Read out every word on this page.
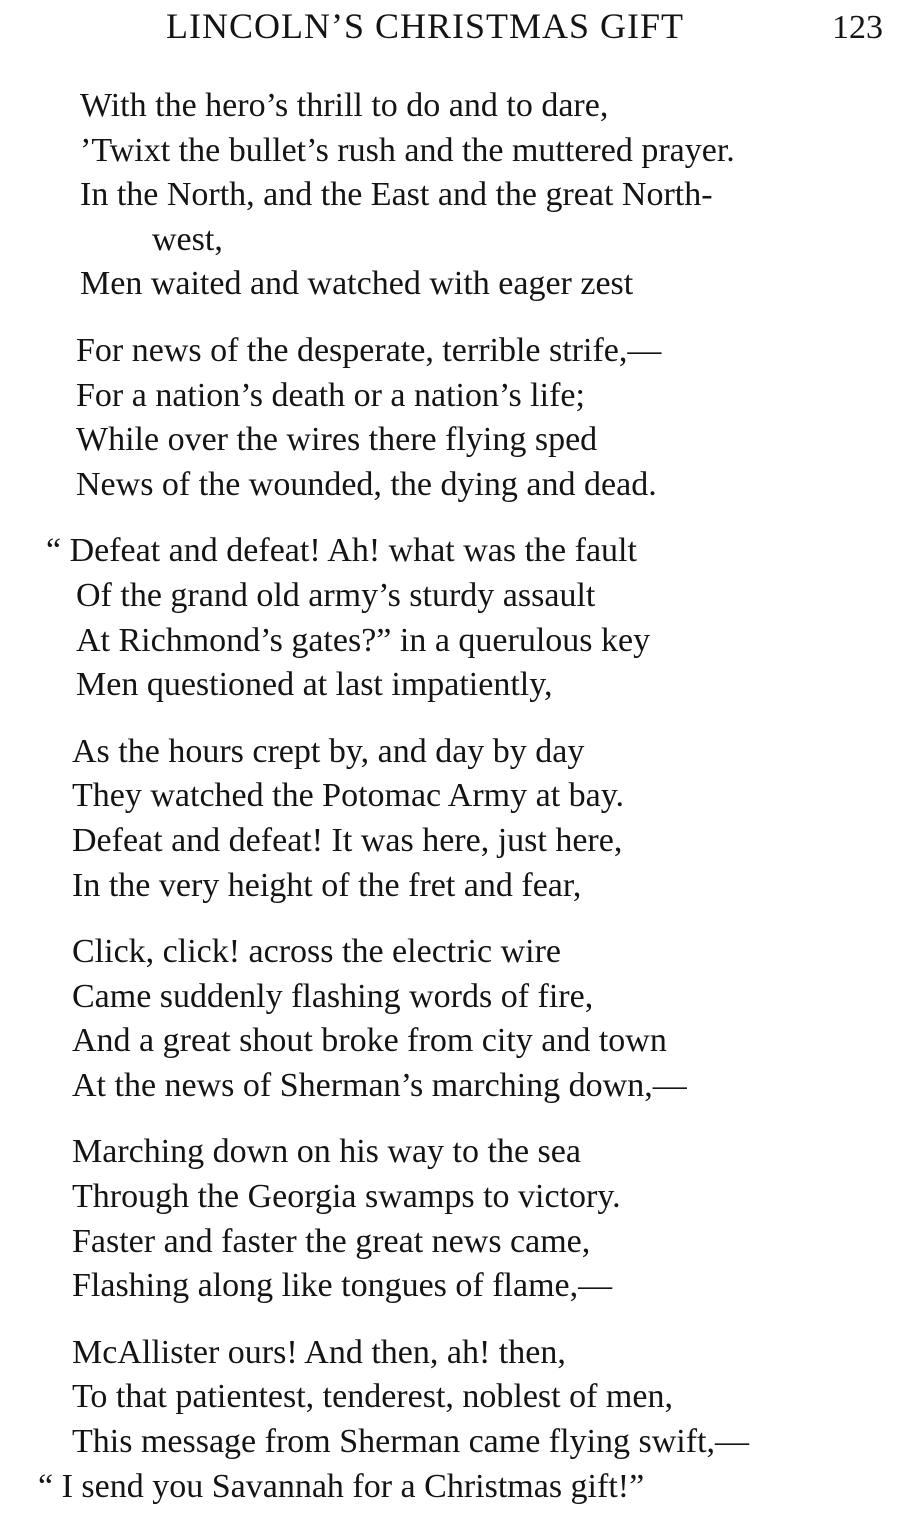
LINCOLN’S CHRISTMAS GIFT	123
With the hero’s thrill to do and to dare,
’Twixt the bullet’s rush and the muttered prayer.
In the North, and the East and the great North-
west,
Men waited and watched with eager zest
For news of the desperate, terrible strife,—
For a nation’s death or a nation’s life;
While over the wires there flying sped
News of the wounded, the dying and dead.
“ Defeat and defeat! Ah! what was the fault
Of the grand old army’s sturdy assault
At Richmond’s gates?” in a querulous key
Men questioned at last impatiently,
As the hours crept by, and day by day
They watched the Potomac Army at bay.
Defeat and defeat! It was here, just here,
In the very height of the fret and fear,
Click, click! across the electric wire
Came suddenly flashing words of fire,
And a great shout broke from city and town
At the news of Sherman’s marching down,—
Marching down on his way to the sea
Through the Georgia swamps to victory.
Faster and faster the great news came,
Flashing along like tongues of flame,—
McAllister ours! And then, ah! then,
To that patientest, tenderest, noblest of men,
This message from Sherman came flying swift,—
“ I send you Savannah for a Christmas gift!”
